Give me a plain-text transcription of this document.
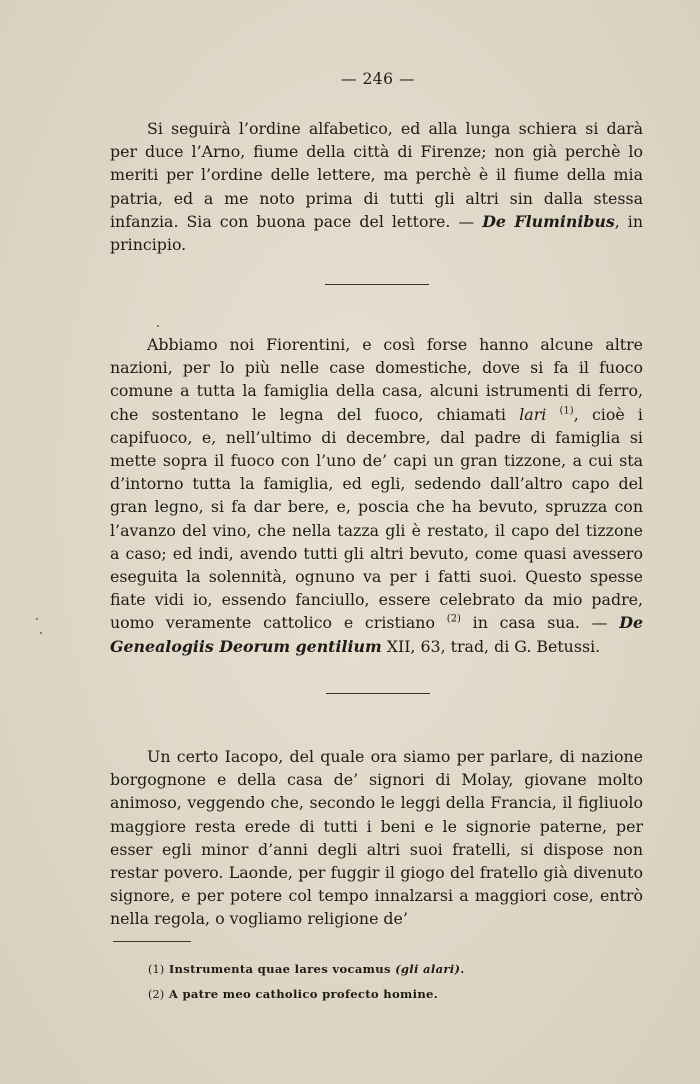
— 246 —

Si seguirà l’ordine alfabetico, ed alla lunga schiera si darà per duce l’Arno, fiume della città di Firenze; non già perchè lo meriti per l’ordine delle lettere, ma perchè è il fiume della mia patria, ed a me noto prima di tutti gli altri sin dalla stessa infanzia. Sia con buona pace del lettore. — De Fluminibus, in principio.

Abbiamo noi Fiorentini, e così forse hanno alcune altre nazioni, per lo più nelle case domestiche, dove si fa il fuoco comune a tutta la famiglia della casa, alcuni istrumenti di ferro, che sostentano le legna del fuoco, chiamati lari $^{(1)}$, cioè i capifuoco, e, nell’ultimo di decembre, dal padre di famiglia si mette sopra il fuoco con l’uno de’ capi un gran tizzone, a cui sta d’intorno tutta la famiglia, ed egli, sedendo dall’altro capo del gran legno, si fa dar bere, e, poscia che ha bevuto, spruzza con l’avanzo del vino, che nella tazza gli è restato, il capo del tizzone a caso; ed indi, avendo tutti gli altri bevuto, come quasi avessero eseguita la solennità, ognuno va per i fatti suoi. Questo spesse fiate vidi io, essendo fanciullo, essere celebrato da mio padre, uomo veramente cattolico e cristiano $^{(2)}$ in casa sua. — De Genealogiis Deorum gentilium XII, 63, trad, di G. Betussi.

Un certo Iacopo, del quale ora siamo per parlare, di nazione borgognone e della casa de’ signori di Molay, giovane molto animoso, veggendo che, secondo le leggi della Francia, il figliuolo maggiore resta erede di tutti i beni e le signorie paterne, per esser egli minor d’anni degli altri suoi fratelli, si dispose non restar povero. Laonde, per fuggir il giogo del fratello già divenuto signore, e per potere col tempo innalzarsi a maggiori cose, entrò nella regola, o vogliamo religione de’

(1) Instrumenta quae lares vocamus (gli alari).
(2) A patre meo catholico profecto homine.
